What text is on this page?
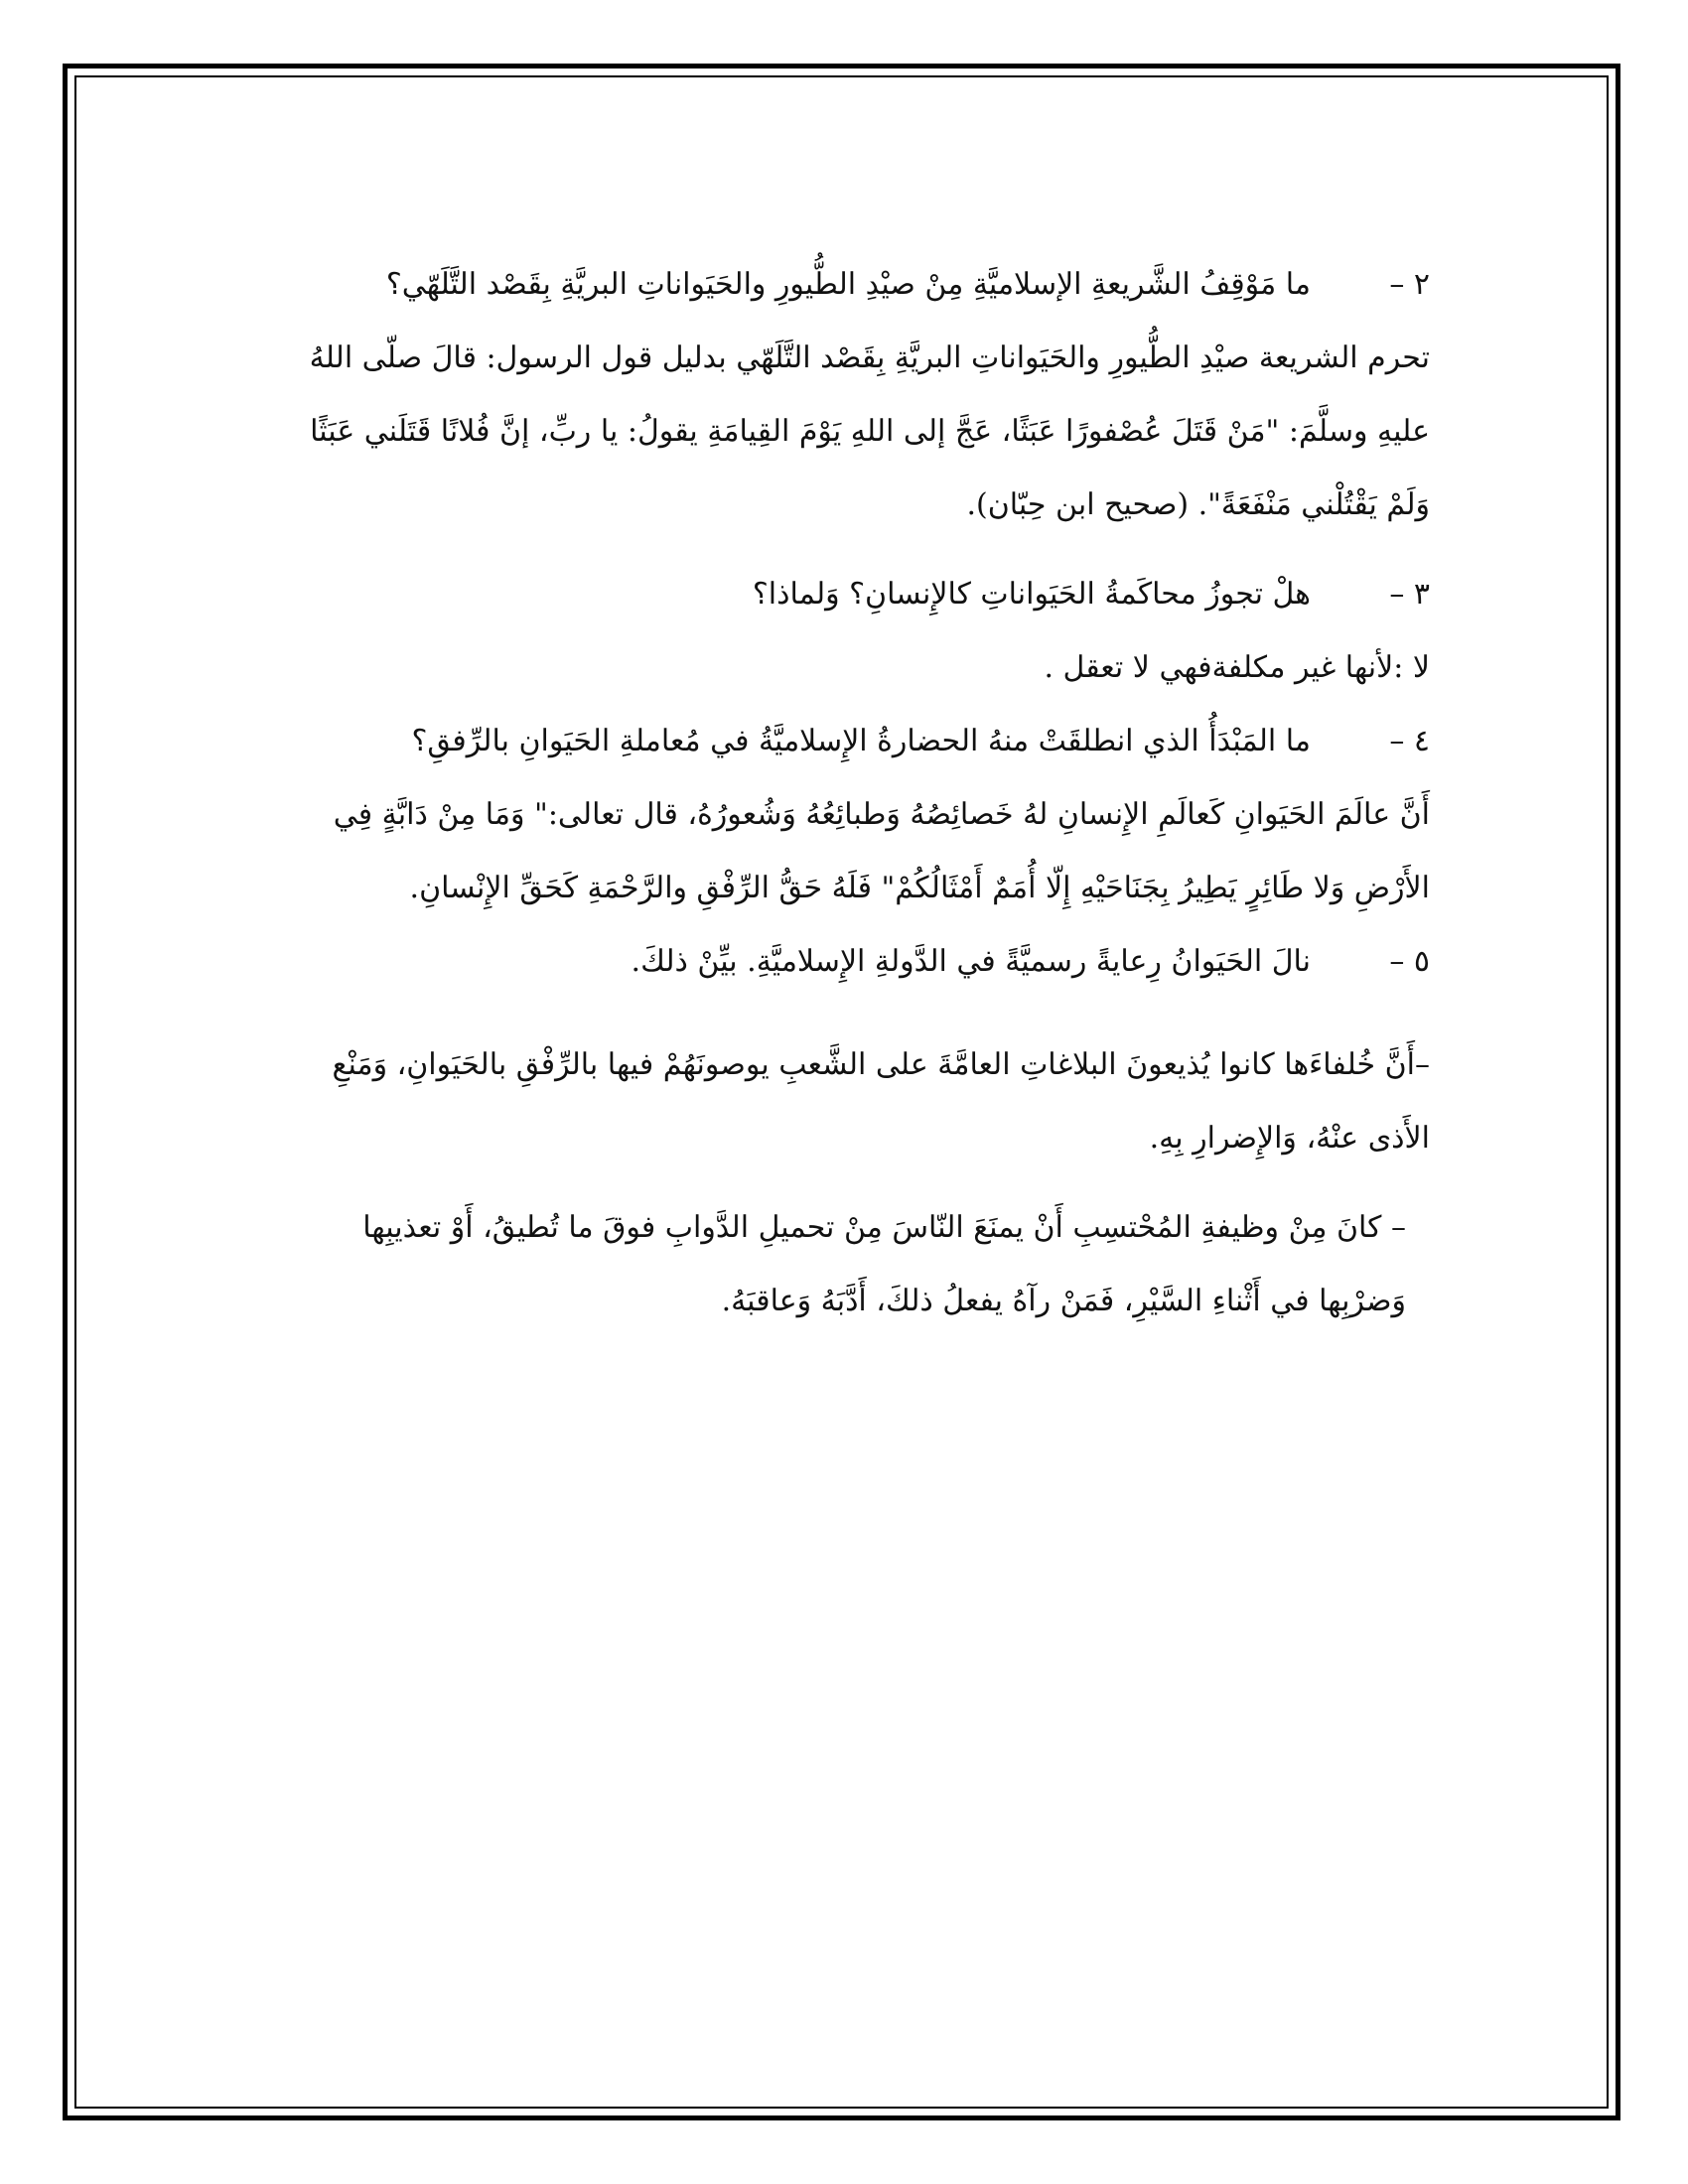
٢ –

ما مَوْقِفُ الشَّريعةِ الإسلاميَّةِ مِنْ صيْدِ الطُّيورِ والحَيَواناتِ البريَّةِ بِقَصْد التَّلَهّي؟

تحرم الشريعة صيْدِ الطُّيورِ والحَيَواناتِ البريَّةِ بِقَصْد التَّلَهّي بدليل قول الرسول: قالَ صلّى اللهُ عليهِ وسلَّمَ: "مَنْ قَتَلَ عُصْفورًا عَبَثًا، عَجَّ إلى اللهِ يَوْمَ القِيامَةِ يقولُ: يا ربِّ، إنَّ فُلانًا قَتَلَني عَبَثًا وَلَمْ يَقْتُلْني مَنْفَعَةً". (صحيح ابن حِبّان).

٣ –

هلْ تجوزُ محاكَمةُ الحَيَواناتِ كالإِنسانِ؟ وَلماذا؟

لا :لأنها غير مكلفةفهي لا تعقل .

٤ –

ما المَبْدَأُ الذي انطلقَتْ منهُ الحضارةُ الإِسلاميَّةُ في مُعاملةِ الحَيَوانِ بالرِّفقِ؟

أَنَّ عالَمَ الحَيَوانِ كَعالَمِ الإِنسانِ لهُ خَصائِصُهُ وَطبائِعُهُ وَشُعورُهُ، قال تعالى:" وَمَا مِنْ دَابَّةٍ فِي الأَرْضِ وَلا طَائِرٍ يَطِيرُ بِجَنَاحَيْهِ إِلّا أُمَمٌ أَمْثَالُكُمْ" فَلَهُ حَقُّ الرِّفْقِ والرَّحْمَةِ كَحَقِّ الإِنْسانِ.

٥ –

نالَ الحَيَوانُ رِعايةً رسميَّةً في الدَّولةِ الإِسلاميَّةِ. بيِّنْ ذلكَ.

–أَنَّ خُلفاءَها كانوا يُذيعونَ البلاغاتِ العامَّةَ على الشَّعبِ يوصونَهُمْ فيها بالرِّفْقِ بالحَيَوانِ، وَمَنْعِ الأَذى عنْهُ، وَالإِضرارِ بِهِ.

– كانَ مِنْ وظيفةِ المُحْتسِبِ أَنْ يمنَعَ النّاسَ مِنْ تحميلِ الدَّوابِ فوقَ ما تُطيقُ، أَوْ تعذيبِها وَضرْبِها في أَثْناءِ السَّيْرِ، فَمَنْ رآهُ يفعلُ ذلكَ، أَدَّبَهُ وَعاقبَهُ.
